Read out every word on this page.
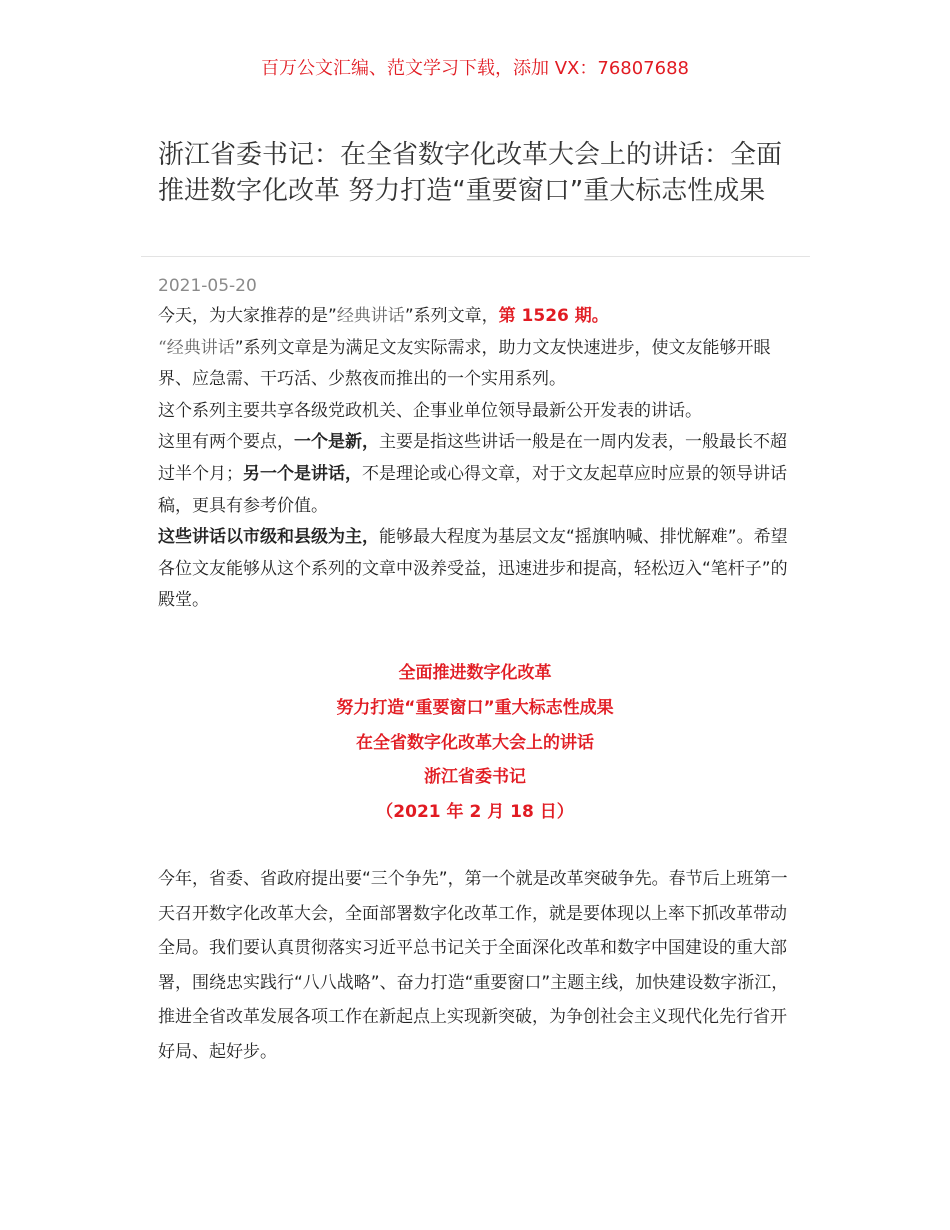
百万公文汇编、范文学习下载，添加 VX：76807688
浙江省委书记：在全省数字化改革大会上的讲话：全面推进数字化改革 努力打造“重要窗口”重大标志性成果
2021-05-20

今天，为大家推荐的是”经典讲话”系列文章，第 1526 期。

“经典讲话”系列文章是为满足文友实际需求，助力文友快速进步，使文友能够开眼界、应急需、干巧活、少熬夜而推出的一个实用系列。

这个系列主要共享各级党政机关、企事业单位领导最新公开发表的讲话。

这里有两个要点，一个是新，主要是指这些讲话一般是在一周内发表，一般最长不超过半个月；另一个是讲话，不是理论或心得文章，对于文友起草应时应景的领导讲话稿，更具有参考价值。

这些讲话以市级和县级为主，能够最大程度为基层文友“摇旗呐喊、排忧解难”。希望各位文友能够从这个系列的文章中汲养受益，迅速进步和提高，轻松迈入“笔杆子”的殿堂。

全面推进数字化改革
努力打造“重要窗口”重大标志性成果
在全省数字化改革大会上的讲话
浙江省委书记
（2021 年 2 月 18 日）

今年，省委、省政府提出要“三个争先”，第一个就是改革突破争先。春节后上班第一天召开数字化改革大会，全面部署数字化改革工作，就是要体现以上率下抓改革带动全局。我们要认真贯彻落实习近平总书记关于全面深化改革和数字中国建设的重大部署，围绕忠实践行“八八战略”、奋力打造“重要窗口”主题主线，加快建设数字浙江，推进全省改革发展各项工作在新起点上实现新突破，为争创社会主义现代化先行省开好局、起好步。
